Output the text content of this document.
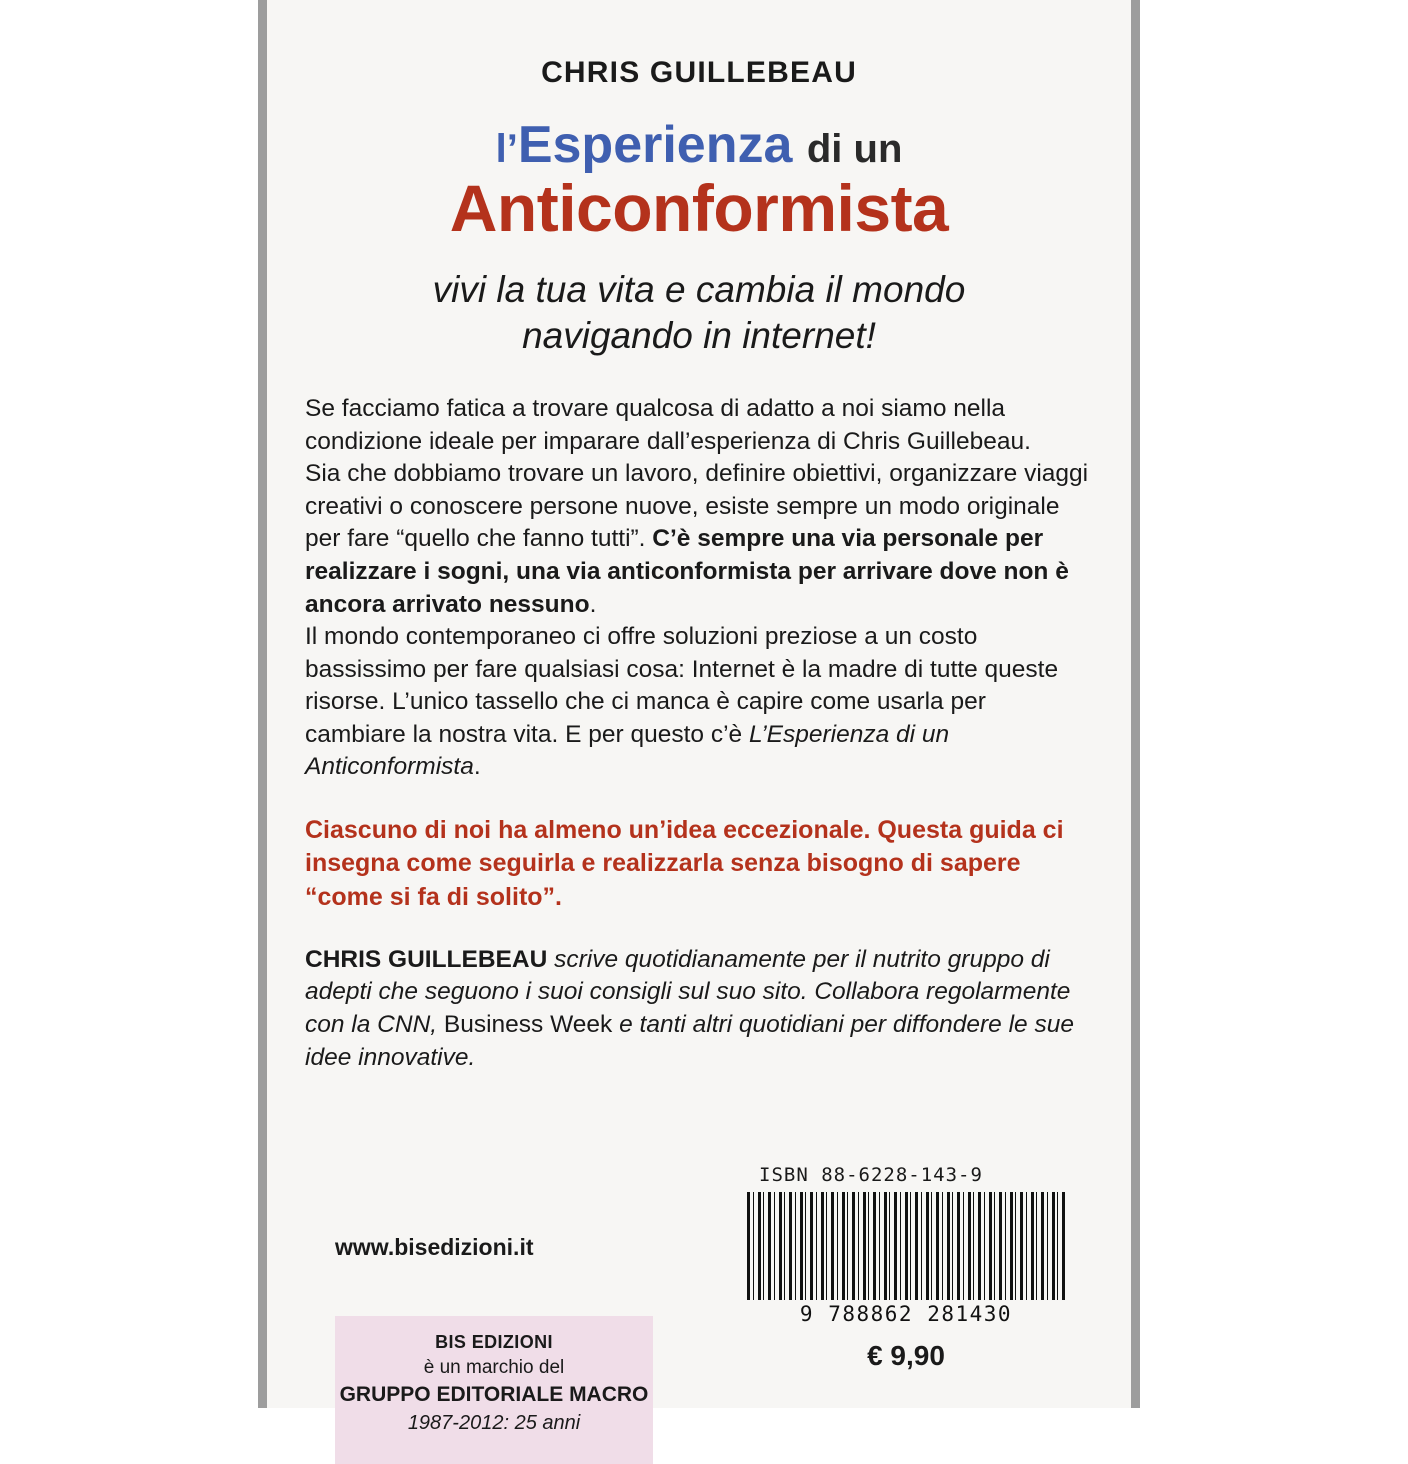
CHRIS GUILLEBEAU
l’Esperienza di un
Anticonformista
vivi la tua vita e cambia il mondo
navigando in internet!

Se facciamo fatica a trovare qualcosa di adatto a noi siamo nella condizione ideale per imparare dall’esperienza di Chris Guillebeau.

Sia che dobbiamo trovare un lavoro, definire obiettivi, organizzare viaggi creativi o conoscere persone nuove, esiste sempre un modo originale per fare “quello che fanno tutti”. C’è sempre una via personale per realizzare i sogni, una via anticonformista per arrivare dove non è ancora arrivato nessuno.

Il mondo contemporaneo ci offre soluzioni preziose a un costo bassissimo per fare qualsiasi cosa: Internet è la madre di tutte queste risorse. L’unico tassello che ci manca è capire come usarla per cambiare la nostra vita. E per questo c’è L’Esperienza di un Anticonformista.

Ciascuno di noi ha almeno un’idea eccezionale. Questa guida ci insegna come seguirla e realizzarla senza bisogno di sapere “come si fa di solito”.
CHRIS GUILLEBEAU scrive quotidianamente per il nutrito gruppo di adepti che seguono i suoi consigli sul suo sito. Collabora regolarmente con la CNN, Business Week e tanti altri quotidiani per diffondere le sue idee innovative.
www.bisedizioni.it
BIS EDIZIONI
è un marchio del
GRUPPO EDITORIALE MACRO
1987-2012: 25 anni
ISBN 88-6228-143-9
9 788862 281430
€ 9,90
